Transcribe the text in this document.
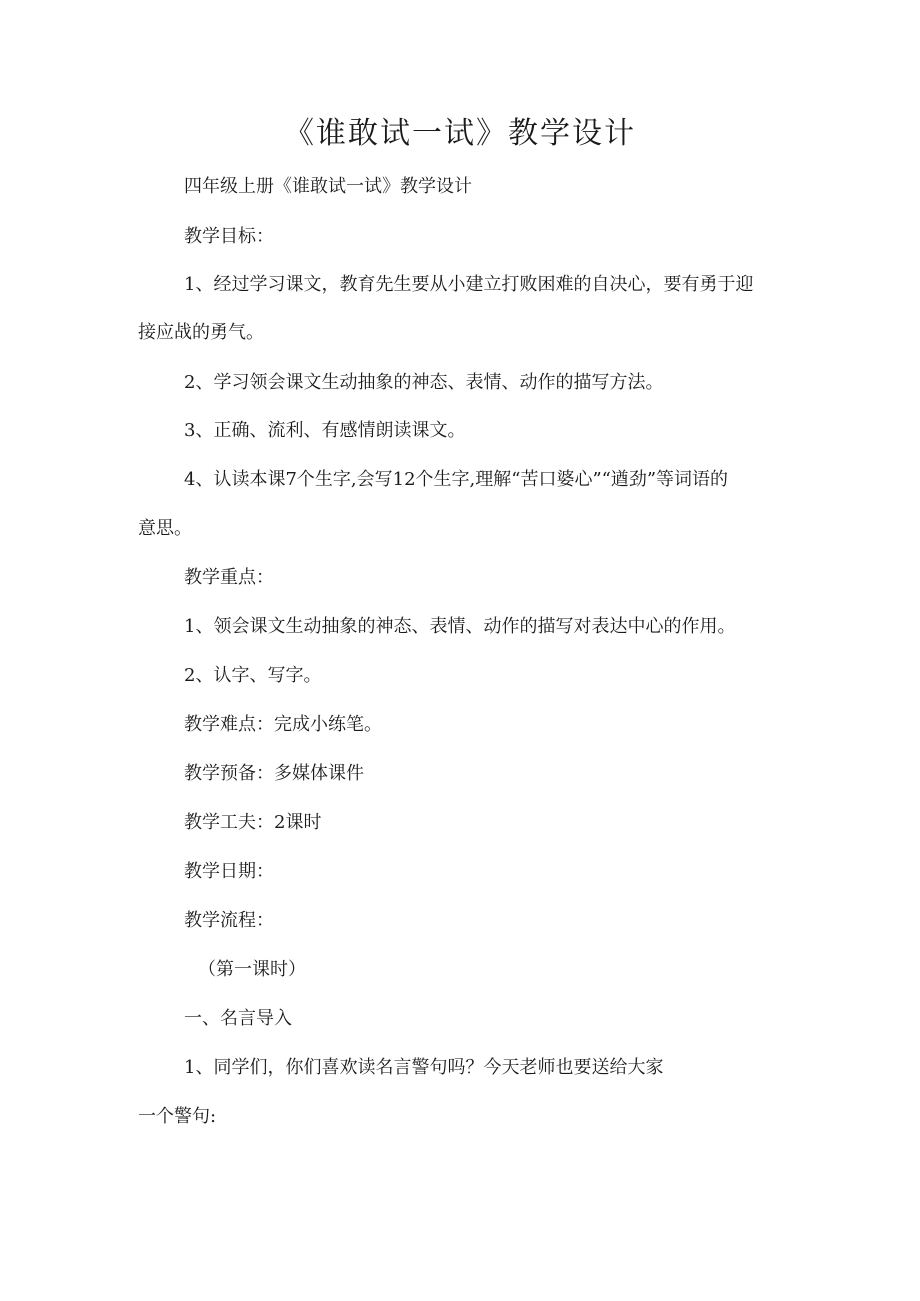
《谁敢试一试》教学设计

四年级上册《谁敢试一试》教学设计

教学目标：

1、经过学习课文，教育先生要从小建立打败困难的自决心，要有勇于迎

接应战的勇气。

2、学习领会课文生动抽象的神态、表情、动作的描写方法。

3、正确、流利、有感情朗读课文。

4、认读本课7个生字,会写12个生字,理解“苦口婆心”“遒劲”等词语的

意思。

教学重点：

1、领会课文生动抽象的神态、表情、动作的描写对表达中心的作用。

2、认字、写字。

教学难点：完成小练笔。

教学预备：多媒体课件

教学工夫：2课时

教学日期：

教学流程：

（第一课时）

一、名言导入

1、同学们，你们喜欢读名言警句吗？今天老师也要送给大家

一个警句:
